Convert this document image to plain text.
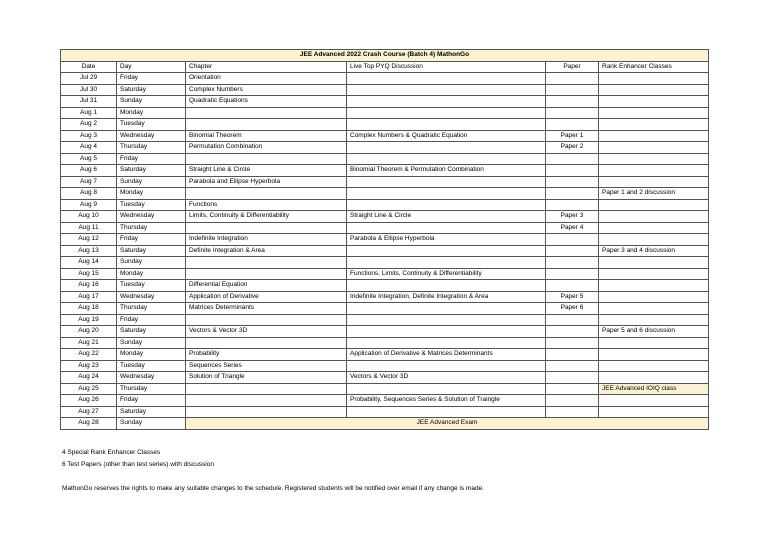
JEE Advanced 2022 Crash Course (Batch 4) MathonGo					
Date	Day	Chapter	Live Top PYQ Discussion	Paper	Rank Enhancer Classes
Jul 29	Friday	Orientation			
Jul 30	Saturday	Complex Numbers			
Jul 31	Sunday	Quadratic Equations			
Aug 1	Monday				
Aug 2	Tuesday				
Aug 3	Wednesday	Binomial Theorem	Complex Numbers & Quadratic Equation	Paper 1	
Aug 4	Thursday	Permutation Combination		Paper 2	
Aug 5	Friday				
Aug 6	Saturday	Straight Line & Circle	Binomial Theorem & Permutation Combination		
Aug 7	Sunday	Parabola and Ellipse Hyperbola			
Aug 8	Monday				Paper 1 and 2 discussion
Aug 9	Tuesday	Functions			
Aug 10	Wednesday	Limits, Continuity & Differentiability	Straight Line & Circle	Paper 3	
Aug 11	Thursday			Paper 4	
Aug 12	Friday	Indefinite Integration	Parabola & Ellipse Hyperbola		
Aug 13	Saturday	Definite Integration & Area			Paper 3 and 4 discussion
Aug 14	Sunday				
Aug 15	Monday		Functions, Limits, Continuity & Differentiability		
Aug 16	Tuesday	Differential Equation			
Aug 17	Wednesday	Application of Derivative	Indefinite Integration, Definite Integration & Area	Paper 5	
Aug 18	Thursday	Matrices Determinants		Paper 6	
Aug 19	Friday				
Aug 20	Saturday	Vectors & Vector 3D			Paper 5 and 6 discussion
Aug 21	Sunday				
Aug 22	Monday	Probability	Application of Derivative & Matrices Determinants		
Aug 23	Tuesday	Sequences Series			
Aug 24	Wednesday	Solution of Triangle	Vectors & Vector 3D		
Aug 25	Thursday				JEE Advanced IOIQ class
Aug 26	Friday		Probability, Sequences Series & Solution of Traingle		
Aug 27	Saturday				
Aug 28	Sunday	JEE Advanced Exam			
4 Special Rank Enhancer Classes
6 Test Papers (other than test series) with discussion
MathonGo reserves the rights to make any suitable changes to the schedule. Registered students will be notified over email if any change is made.
